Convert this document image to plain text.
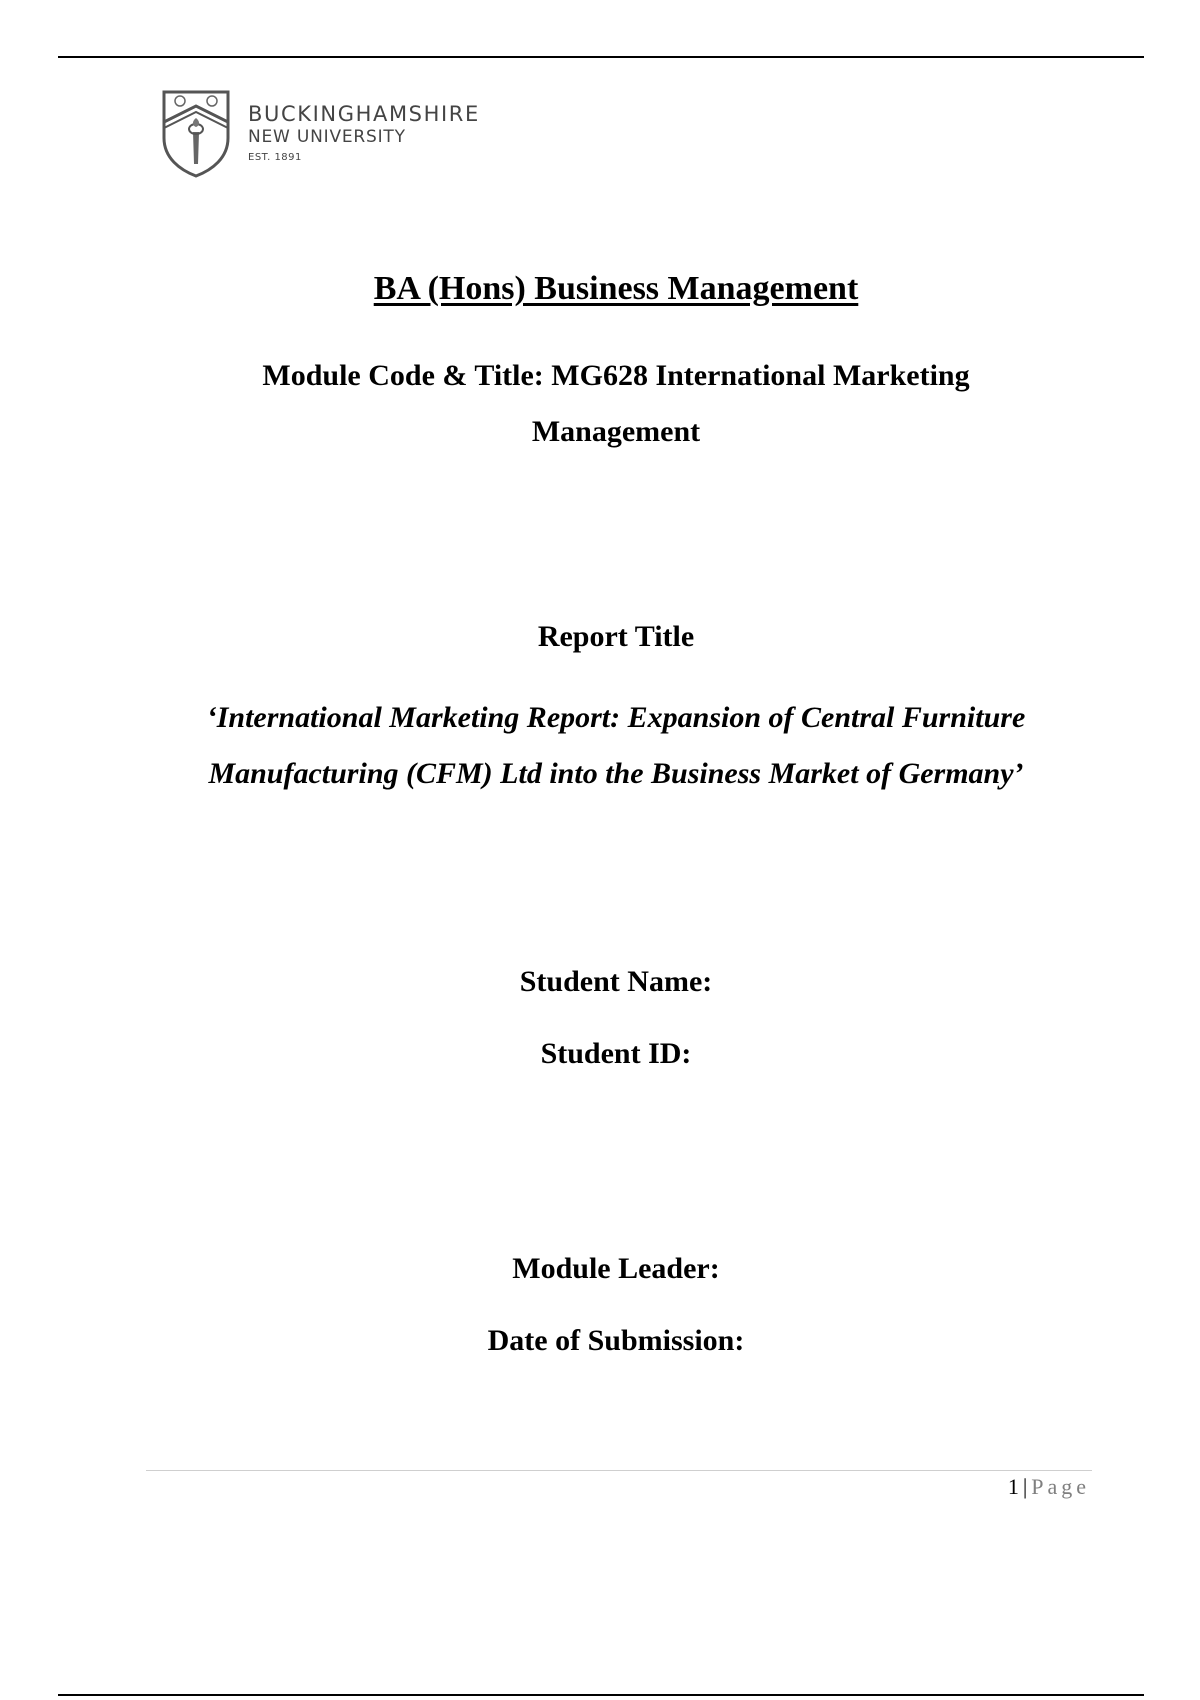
BUCKINGHAMSHIRE
NEW UNIVERSITY
EST. 1891
BA (Hons) Business Management
Module Code & Title: MG628 International Marketing
Management
Report Title
‘International Marketing Report: Expansion of Central Furniture
Manufacturing (CFM) Ltd into the Business Market of Germany’
Student Name:
Student ID:
Module Leader:
Date of Submission:
1 | Page
